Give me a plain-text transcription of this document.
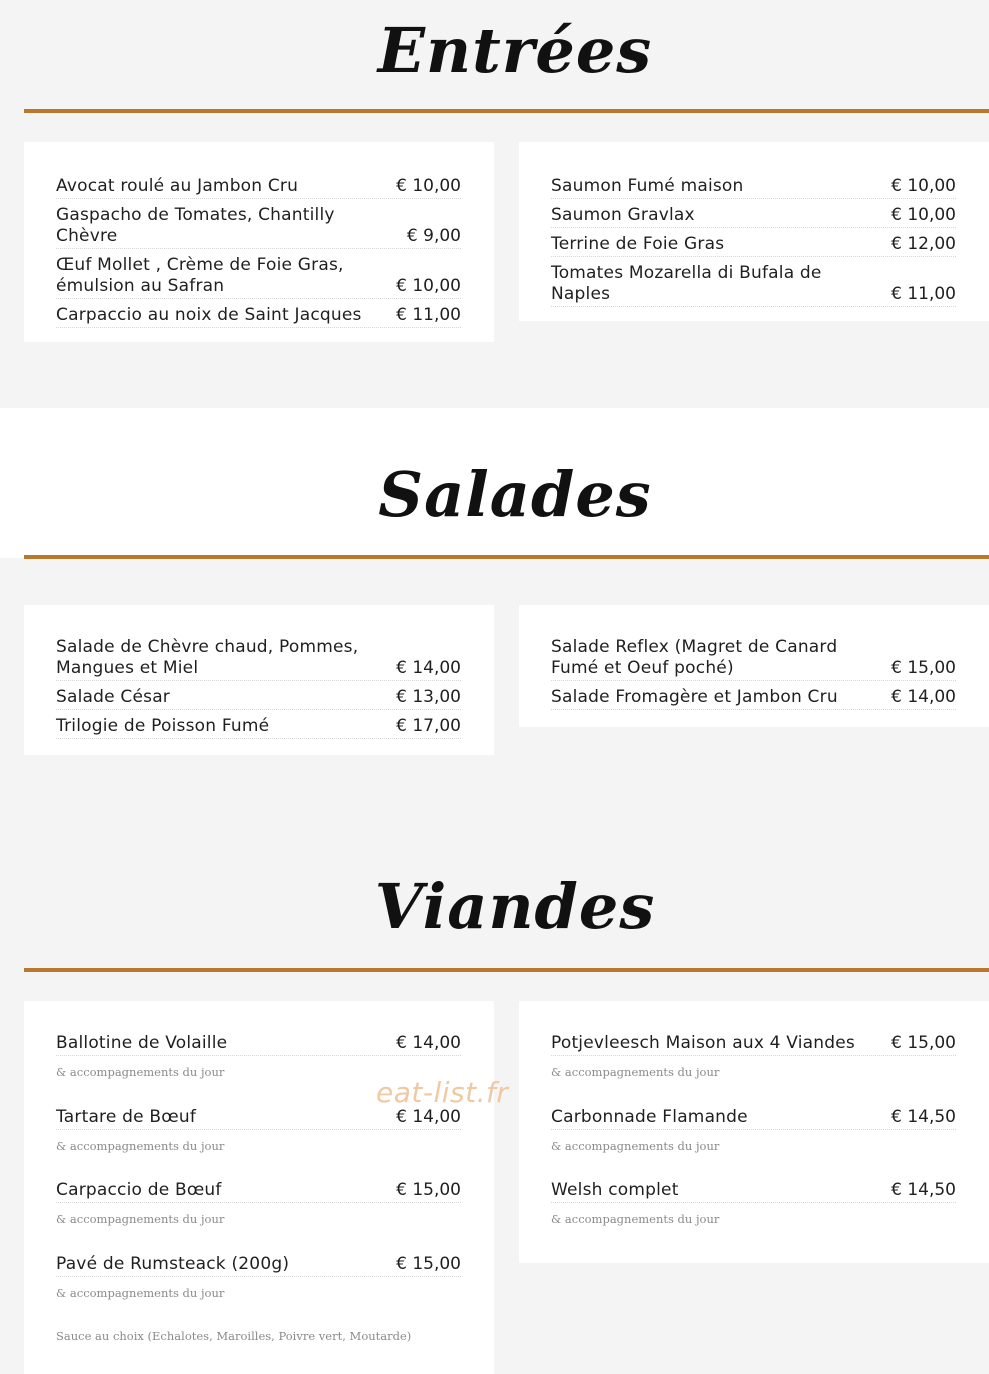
Entrées
Avocat roulé au Jambon Cru	€ 10,00
Gaspacho de Tomates, Chantilly Chèvre	€ 9,00
Œuf Mollet , Crème de Foie Gras, émulsion au Safran	€ 10,00
Carpaccio au noix de Saint Jacques	€ 11,00
Saumon Fumé maison	€ 10,00
Saumon Gravlax	€ 10,00
Terrine de Foie Gras	€ 12,00
Tomates Mozarella di Bufala de Naples	€ 11,00
Salades
Salade de Chèvre chaud, Pommes, Mangues et Miel	€ 14,00
Salade César	€ 13,00
Trilogie de Poisson Fumé	€ 17,00
Salade Reflex (Magret de Canard Fumé et Oeuf poché)	€ 15,00
Salade Fromagère et Jambon Cru	€ 14,00
Viandes
Ballotine de Volaille	€ 14,00
& accompagnements du jour
Tartare de Bœuf	€ 14,00
& accompagnements du jour
Carpaccio de Bœuf	€ 15,00
& accompagnements du jour
Pavé de Rumsteack (200g)	€ 15,00
& accompagnements du jour
Sauce au choix (Echalotes, Maroilles, Poivre vert, Moutarde)
Potjevleesch Maison aux 4 Viandes	€ 15,00
& accompagnements du jour
Carbonnade Flamande	€ 14,50
& accompagnements du jour
Welsh complet	€ 14,50
& accompagnements du jour
eat-list.fr
